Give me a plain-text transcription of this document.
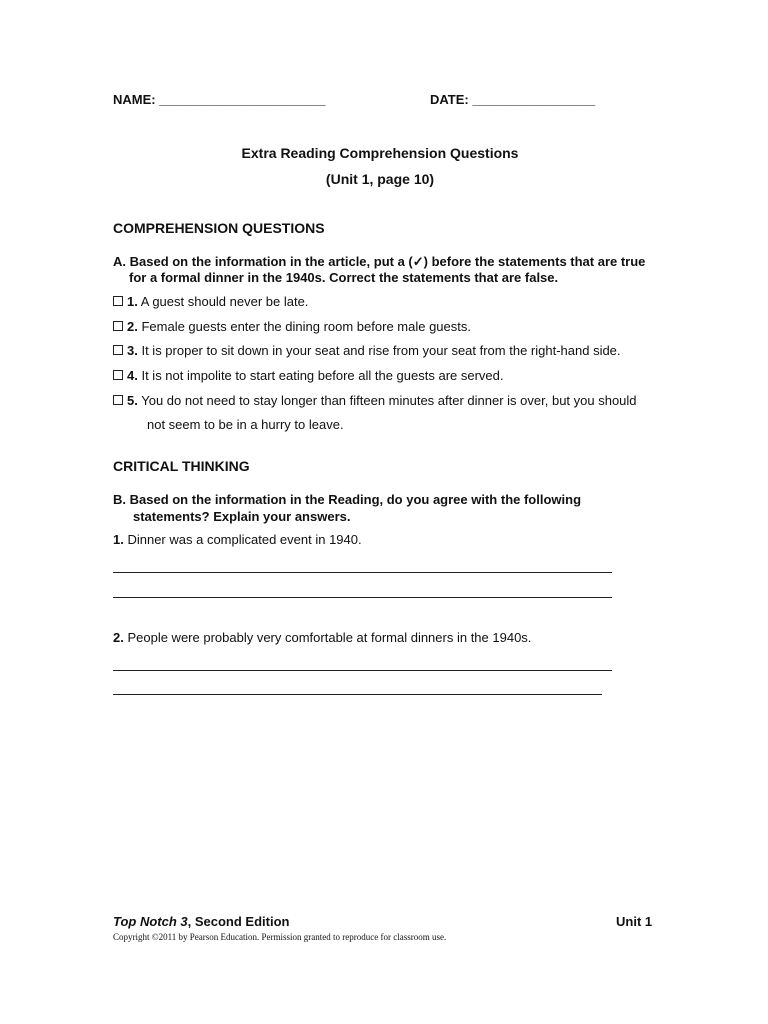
NAME: _______________________	DATE: _________________
Extra Reading Comprehension Questions
(Unit 1, page 10)
COMPREHENSION QUESTIONS
A. Based on the information in the article, put a (✓) before the statements that are true
for a formal dinner in the 1940s. Correct the statements that are false.
1. A guest should never be late.
2. Female guests enter the dining room before male guests.
3. It is proper to sit down in your seat and rise from your seat from the right-hand side.
4. It is not impolite to start eating before all the guests are served.
5. You do not need to stay longer than fifteen minutes after dinner is over, but you should
not seem to be in a hurry to leave.
CRITICAL THINKING
B. Based on the information in the Reading, do you agree with the following
statements? Explain your answers.
1. Dinner was a complicated event in 1940.
2. People were probably very comfortable at formal dinners in the 1940s.
Top Notch 3, Second Edition	Unit 1
Copyright ©2011 by Pearson Education. Permission granted to reproduce for classroom use.
